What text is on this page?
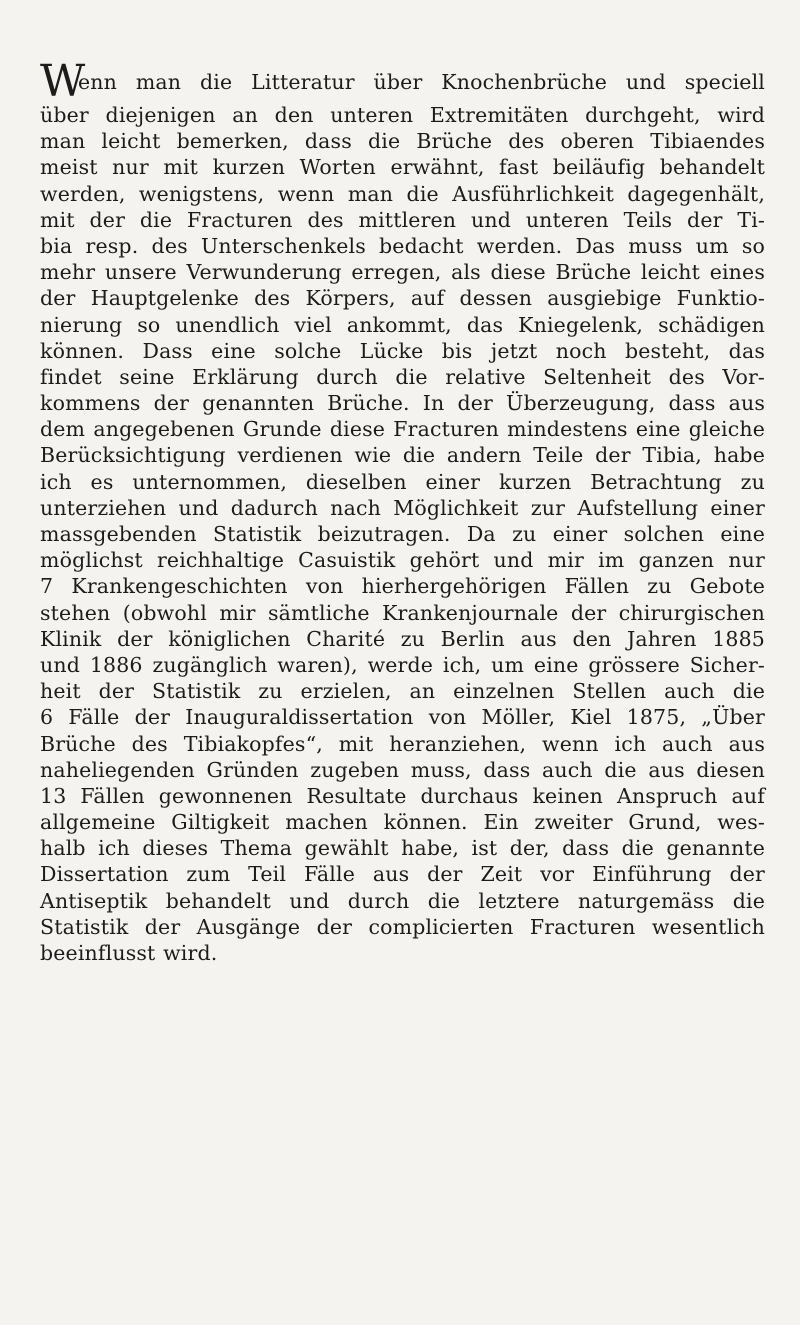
W
enn man die Litteratur über Knochenbrüche und speciell
über diejenigen an den unteren Extremitäten durchgeht, wird
man leicht bemerken, dass die Brüche des oberen Tibiaendes
meist nur mit kurzen Worten erwähnt, fast beiläufig behandelt
werden, wenigstens, wenn man die Ausführlichkeit dagegenhält,
mit der die Fracturen des mittleren und unteren Teils der Ti-
bia resp. des Unterschenkels bedacht werden. Das muss um so
mehr unsere Verwunderung erregen, als diese Brüche leicht eines
der Hauptgelenke des Körpers, auf dessen ausgiebige Funktio-
nierung so unendlich viel ankommt, das Kniegelenk, schädigen
können. Dass eine solche Lücke bis jetzt noch besteht, das
findet seine Erklärung durch die relative Seltenheit des Vor-
kommens der genannten Brüche. In der Überzeugung, dass aus
dem angegebenen Grunde diese Fracturen mindestens eine gleiche
Berücksichtigung verdienen wie die andern Teile der Tibia, habe
ich es unternommen, dieselben einer kurzen Betrachtung zu
unterziehen und dadurch nach Möglichkeit zur Aufstellung einer
massgebenden Statistik beizutragen. Da zu einer solchen eine
möglichst reichhaltige Casuistik gehört und mir im ganzen nur
7 Krankengeschichten von hierhergehörigen Fällen zu Gebote
stehen (obwohl mir sämtliche Krankenjournale der chirurgischen
Klinik der königlichen Charité zu Berlin aus den Jahren 1885
und 1886 zugänglich waren), werde ich, um eine grössere Sicher-
heit der Statistik zu erzielen, an einzelnen Stellen auch die
6 Fälle der Inauguraldissertation von Möller, Kiel 1875, „Über
Brüche des Tibiakopfes“, mit heranziehen, wenn ich auch aus
naheliegenden Gründen zugeben muss, dass auch die aus diesen
13 Fällen gewonnenen Resultate durchaus keinen Anspruch auf
allgemeine Giltigkeit machen können. Ein zweiter Grund, wes-
halb ich dieses Thema gewählt habe, ist der, dass die genannte
Dissertation zum Teil Fälle aus der Zeit vor Einführung der
Antiseptik behandelt und durch die letztere naturgemäss die
Statistik der Ausgänge der complicierten Fracturen wesentlich
beeinflusst wird.
